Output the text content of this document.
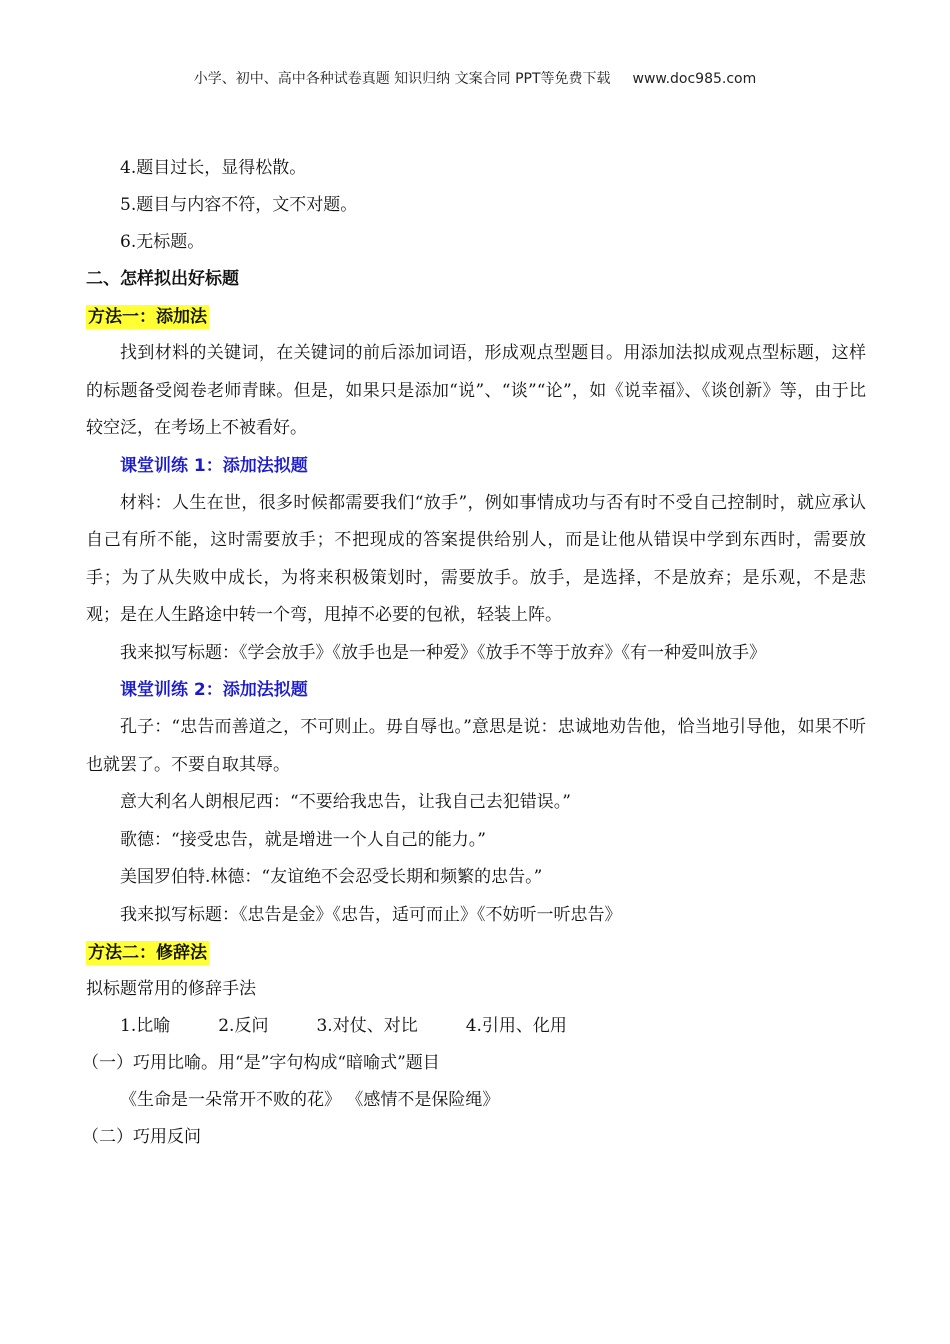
小学、初中、高中各种试卷真题 知识归纳 文案合同 PPT等免费下载 www.doc985.com
4.题目过长，显得松散。
5.题目与内容不符，文不对题。
6.无标题。
二、怎样拟出好标题
方法一：添加法
找到材料的关键词，在关键词的前后添加词语，形成观点型题目。用添加法拟成观点型标题，这样的标题备受阅卷老师青睐。但是，如果只是添加“说”、“谈”“论”，如《说幸福》、《谈创新》等，由于比较空泛，在考场上不被看好。
课堂训练 1：添加法拟题
材料：人生在世，很多时候都需要我们“放手”，例如事情成功与否有时不受自己控制时，就应承认自己有所不能，这时需要放手；不把现成的答案提供给别人，而是让他从错误中学到东西时，需要放手；为了从失败中成长，为将来积极策划时，需要放手。放手，是选择，不是放弃；是乐观，不是悲观；是在人生路途中转一个弯，甩掉不必要的包袱，轻装上阵。
我来拟写标题：《学会放手》《放手也是一种爱》《放手不等于放弃》《有一种爱叫放手》
课堂训练 2：添加法拟题
孔子：“忠告而善道之，不可则止。毋自辱也。”意思是说：忠诚地劝告他，恰当地引导他，如果不听也就罢了。不要自取其辱。
意大利名人朗根尼西：“不要给我忠告，让我自己去犯错误。”
歌德：“接受忠告，就是增进一个人自己的能力。”
美国罗伯特.林德：“友谊绝不会忍受长期和频繁的忠告。”
我来拟写标题：《忠告是金》《忠告，适可而止》《不妨听一听忠告》
方法二：修辞法
拟标题常用的修辞手法
1.比喻	2.反问	3.对仗、对比	4.引用、化用
（一）巧用比喻。用“是”字句构成“暗喻式”题目
《生命是一朵常开不败的花》 《感情不是保险绳》
（二）巧用反问
